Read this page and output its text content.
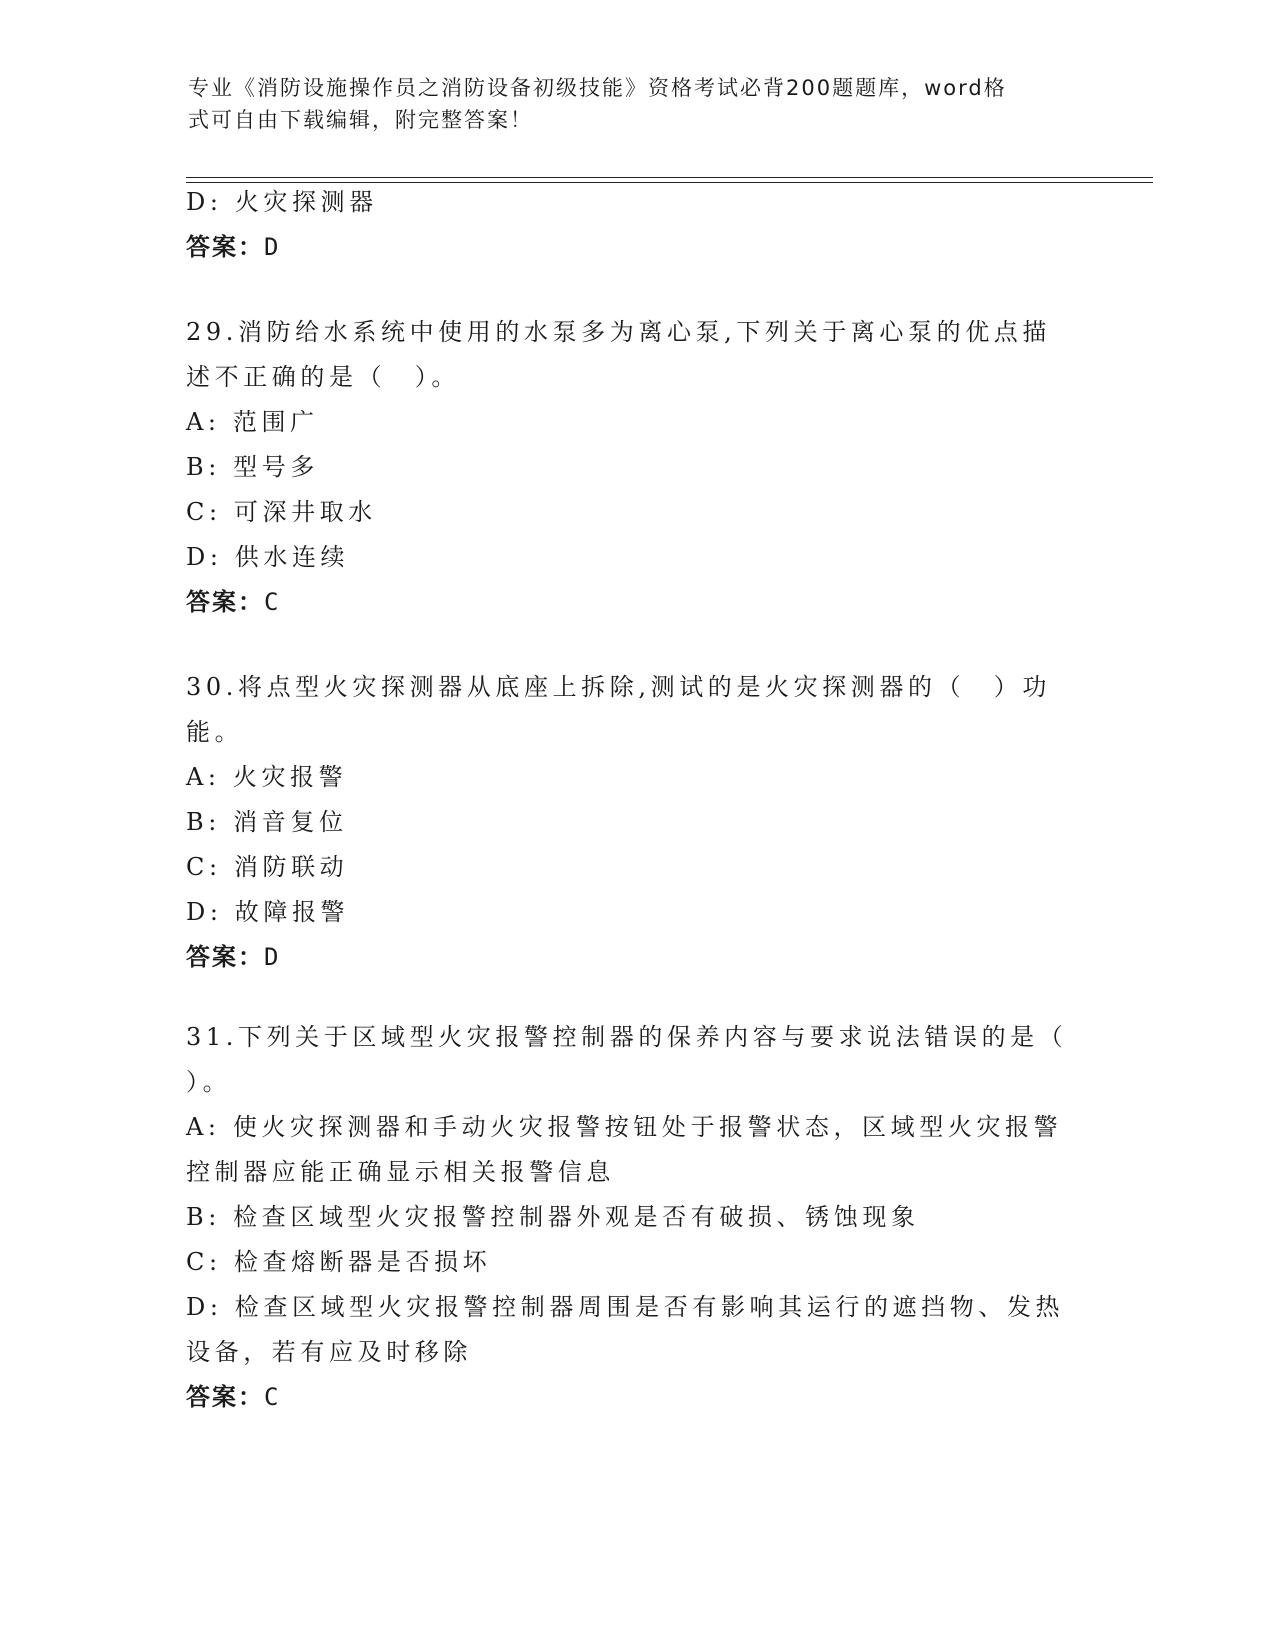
专业《消防设施操作员之消防设备初级技能》资格考试必背200题题库，word格
式可自由下载编辑，附完整答案！
D: 火灾探测器
答案：D
29.消防给水系统中使用的水泵多为离心泵,下列关于离心泵的优点描
述不正确的是（　）。
A: 范围广
B: 型号多
C: 可深井取水
D: 供水连续
答案：C
30.将点型火灾探测器从底座上拆除,测试的是火灾探测器的（　）功
能。
A: 火灾报警
B: 消音复位
C: 消防联动
D: 故障报警
答案：D
31.下列关于区域型火灾报警控制器的保养内容与要求说法错误的是（
）。
A: 使火灾探测器和手动火灾报警按钮处于报警状态，区域型火灾报警
控制器应能正确显示相关报警信息
B: 检查区域型火灾报警控制器外观是否有破损、锈蚀现象
C: 检查熔断器是否损坏
D: 检查区域型火灾报警控制器周围是否有影响其运行的遮挡物、发热
设备，若有应及时移除
答案：C
